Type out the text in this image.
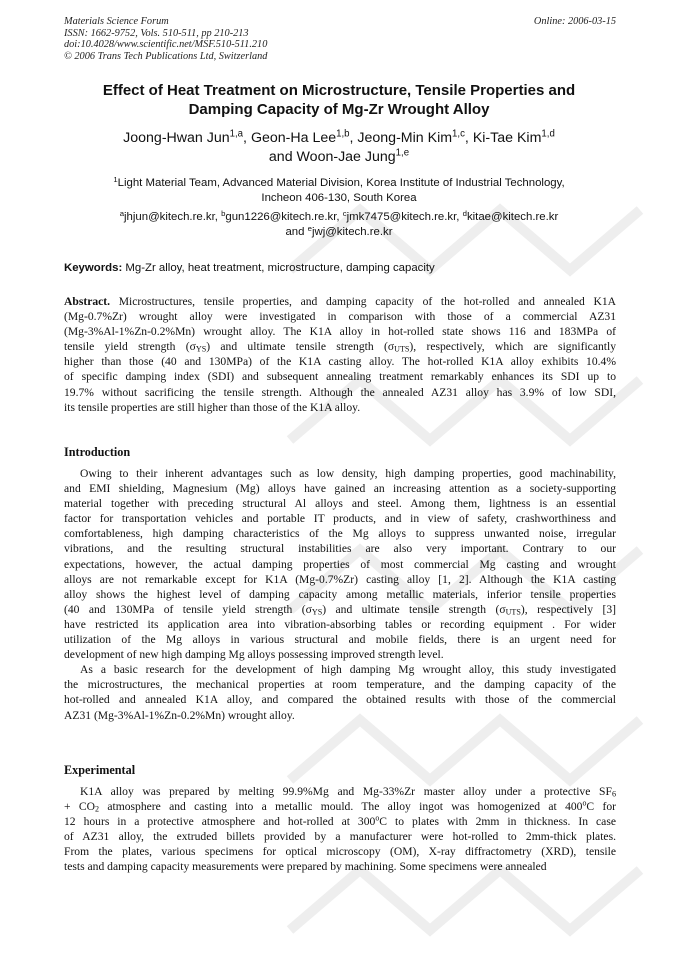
Materials Science Forum
ISSN: 1662-9752, Vols. 510-511, pp 210-213
doi:10.4028/www.scientific.net/MSF.510-511.210
© 2006 Trans Tech Publications Ltd, Switzerland
Online: 2006-03-15
Effect of Heat Treatment on Microstructure, Tensile Properties and
Damping Capacity of Mg-Zr Wrought Alloy
Joong-Hwan Jun$^{1,a}$, Geon-Ha Lee$^{1,b}$, Jeong-Min Kim$^{1,c}$, Ki-Tae Kim$^{1,d}$
and Woon-Jae Jung$^{1,e}$
$^1$Light Material Team, Advanced Material Division, Korea Institute of Industrial Technology,
Incheon 406-130, South Korea
$^a$jhjun@kitech.re.kr, $^b$gun1226@kitech.re.kr, $^c$jmk7475@kitech.re.kr, $^d$kitae@kitech.re.kr
and $^e$jwj@kitech.re.kr
Keywords: Mg-Zr alloy, heat treatment, microstructure, damping capacity
Abstract. Microstructures, tensile properties, and damping capacity of the hot-rolled and annealed K1A
(Mg-0.7%Zr) wrought alloy were investigated in comparison with those of a commercial AZ31
(Mg-3%Al-1%Zn-0.2%Mn) wrought alloy. The K1A alloy in hot-rolled state shows 116 and 183MPa of
tensile yield strength $(\sigma_{YS})$ and ultimate tensile strength $(\sigma_{UTS})$, respectively, which are significantly
higher than those (40 and 130MPa) of the K1A casting alloy. The hot-rolled K1A alloy exhibits 10.4%
of specific damping index (SDI) and subsequent annealing treatment remarkably enhances its SDI up to
19.7% without sacrificing the tensile strength. Although the annealed AZ31 alloy has 3.9% of low SDI,
its tensile properties are still higher than those of the K1A alloy.
Introduction
Owing to their inherent advantages such as low density, high damping properties, good machinability,
and EMI shielding, Magnesium (Mg) alloys have gained an increasing attention as a society-supporting
material together with preceding structural Al alloys and steel. Among them, lightness is an essential
factor for transportation vehicles and portable IT products, and in view of safety, crashworthiness and
comfortableness, high damping characteristics of the Mg alloys to suppress unwanted noise, irregular
vibrations, and the resulting structural instabilities are also very important. Contrary to our
expectations, however, the actual damping properties of most commercial Mg casting and wrought
alloys are not remarkable except for K1A (Mg-0.7%Zr) casting alloy [1, 2]. Although the K1A casting
alloy shows the highest level of damping capacity among metallic materials, inferior tensile properties
(40 and 130MPa of tensile yield strength $(\sigma_{YS})$ and ultimate tensile strength $(\sigma_{UTS})$, respectively [3]
have restricted its application area into vibration-absorbing tables or recording equipment . For wider
utilization of the Mg alloys in various structural and mobile fields, there is an urgent need for
development of new high damping Mg alloys possessing improved strength level.
As a basic research for the development of high damping Mg wrought alloy, this study investigated
the microstructures, the mechanical properties at room temperature, and the damping capacity of the
hot-rolled and annealed K1A alloy, and compared the obtained results with those of the commercial
AZ31 (Mg-3%Al-1%Zn-0.2%Mn) wrought alloy.
Experimental
K1A alloy was prepared by melting 99.9%Mg and Mg-33%Zr master alloy under a protective $SF_6$
+ $CO_2$ atmosphere and casting into a metallic mould. The alloy ingot was homogenized at 400$^o$C for
12 hours in a protective atmosphere and hot-rolled at 300$^o$C to plates with 2mm in thickness. In case
of AZ31 alloy, the extruded billets provided by a manufacturer were hot-rolled to 2mm-thick plates.
From the plates, various specimens for optical microscopy (OM), X-ray diffractometry (XRD), tensile
tests and damping capacity measurements were prepared by machining. Some specimens were annealed
